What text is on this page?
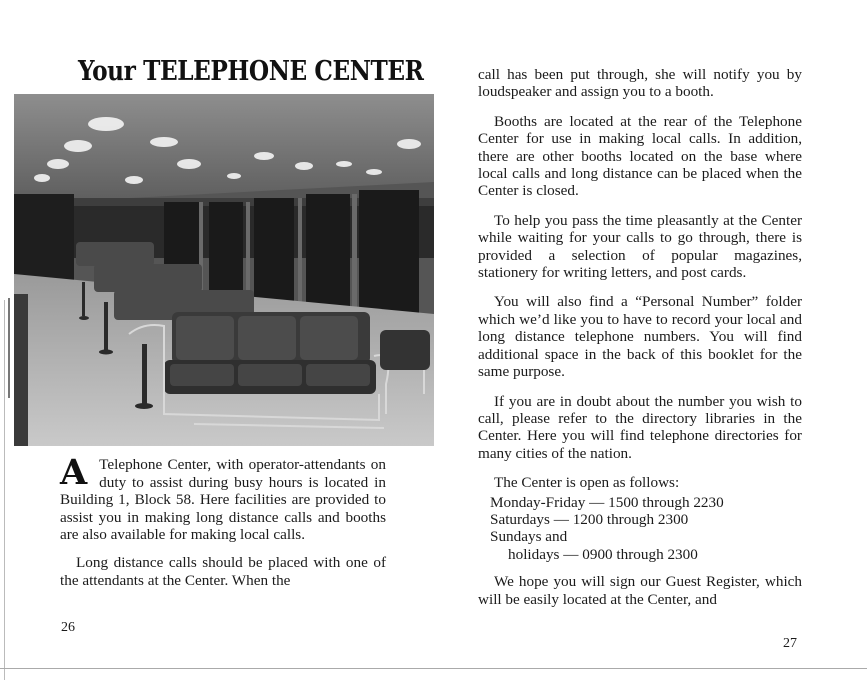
Your TELEPHONE CENTER

A Telephone Center, with operator-attendants on duty to assist during busy hours is located in Building 1, Block 58. Here facilities are provided to assist you in making long distance calls and booths are also available for making local calls.

Long distance calls should be placed with one of the attendants at the Center. When the

26

call has been put through, she will notify you by loudspeaker and assign you to a booth.

Booths are located at the rear of the Telephone Center for use in making local calls. In addition, there are other booths located on the base where local calls and long distance can be placed when the Center is closed.

To help you pass the time pleasantly at the Center while waiting for your calls to go through, there is provided a selection of popular magazines, stationery for writing letters, and post cards.

You will also find a “Personal Number” folder which we’d like you to have to record your local and long distance telephone numbers. You will find additional space in the back of this booklet for the same purpose.

If you are in doubt about the number you wish to call, please refer to the directory libraries in the Center. Here you will find telephone directories for many cities of the nation.

The Center is open as follows:

Monday-Friday —
1500 through 2230
Saturdays —
1200 through 2300
Sundays and
holidays —
0900 through 2300

We hope you will sign our Guest Register, which will be easily located at the Center, and

27
